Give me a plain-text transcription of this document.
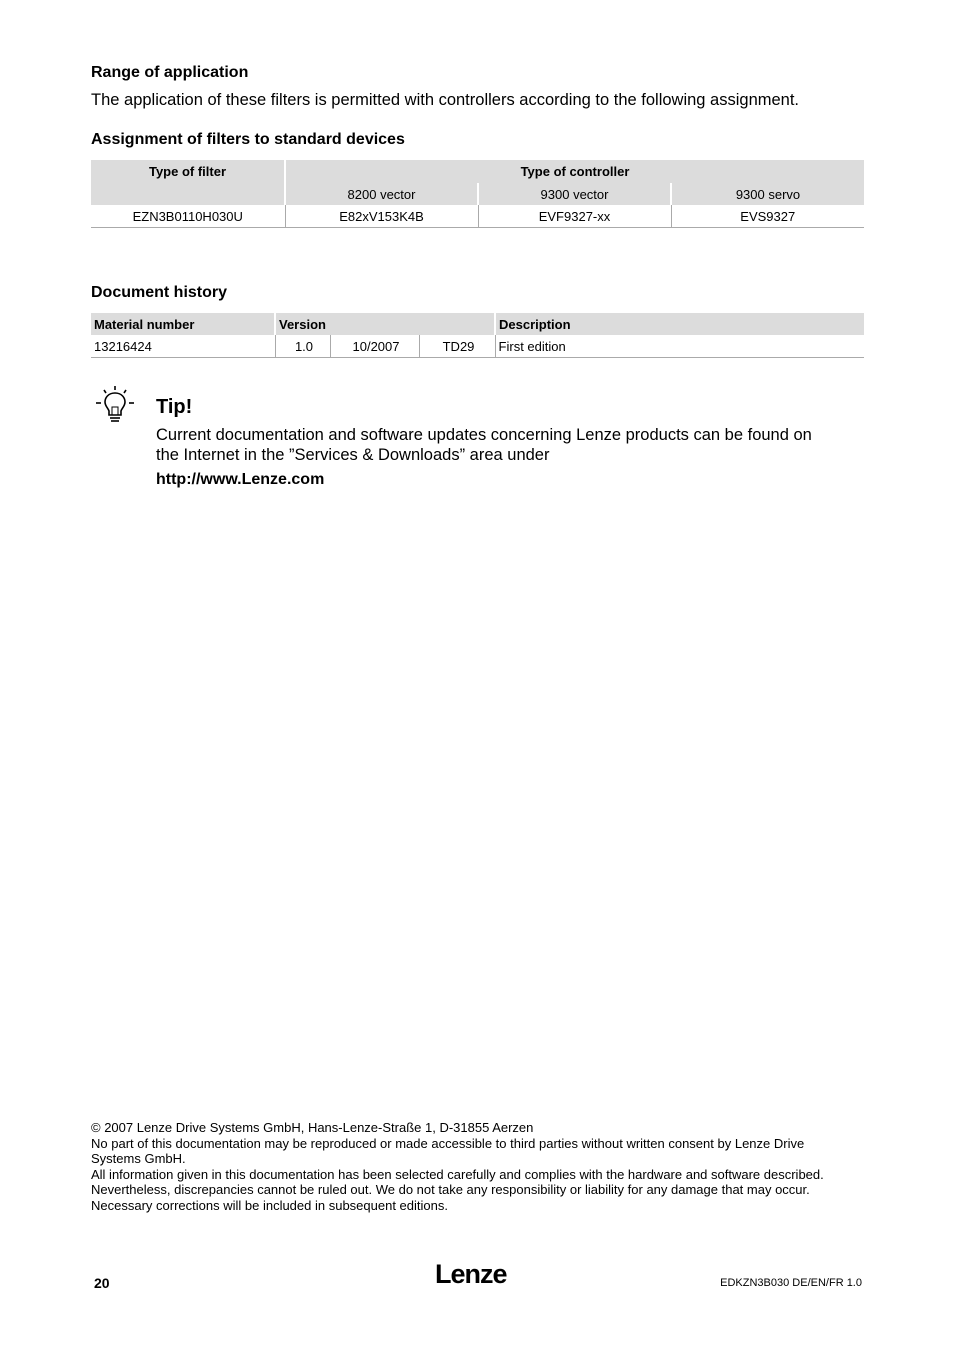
Range of application
The application of these filters is permitted with controllers according to the following assignment.
Assignment of filters to standard devices
Type of filter	Type of controller		
	8200 vector	9300 vector	9300 servo
EZN3B0110H030U	E82xV153K4B	EVF9327-xx	EVS9327
Document history
Material number	Version			Description
13216424	1.0	10/2007	TD29	First edition
Tip!
Current documentation and software updates concerning Lenze products can be found on
the Internet in the ”Services & Downloads” area under
http://www.Lenze.com
© 2007 Lenze Drive Systems GmbH, Hans-Lenze-Straße 1, D-31855 Aerzen
No part of this documentation may be reproduced or made accessible to third parties without written consent by Lenze Drive
Systems GmbH.
All information given in this documentation has been selected carefully and complies with the hardware and software described.
Nevertheless, discrepancies cannot be ruled out. We do not take any responsibility or liability for any damage that may occur.
Necessary corrections will be included in subsequent editions.
20	Lenze	EDKZN3B030 DE/EN/FR 1.0
